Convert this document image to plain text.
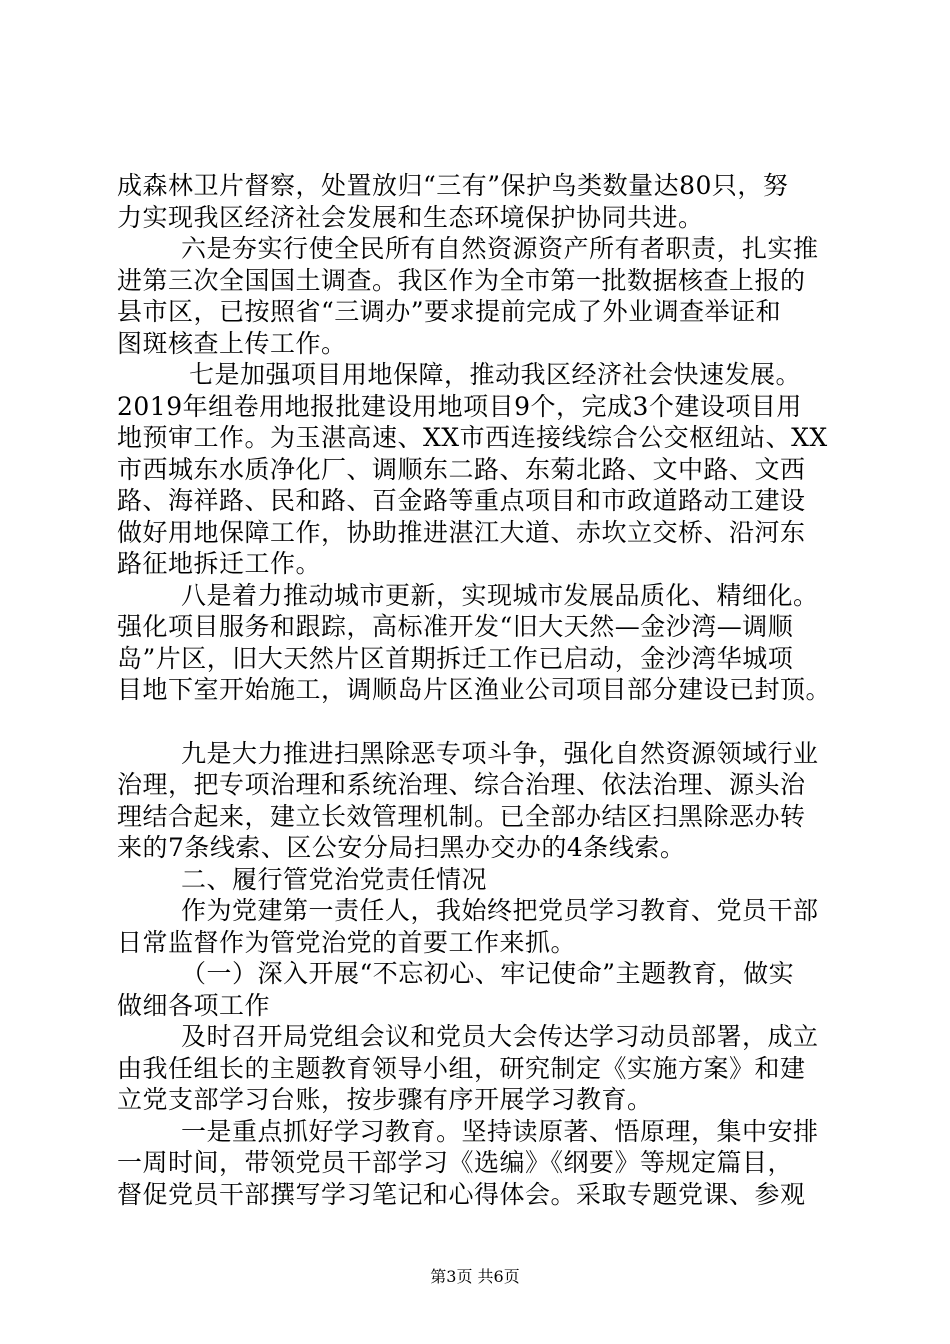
成森林卫片督察，处置放归“三有”保护鸟类数量达80只，努
力实现我区经济社会发展和生态环境保护协同共进。
六是夯实行使全民所有自然资源资产所有者职责，扎实推
进第三次全国国土调查。我区作为全市第一批数据核查上报的
县市区，已按照省“三调办”要求提前完成了外业调查举证和
图斑核查上传工作。
七是加强项目用地保障，推动我区经济社会快速发展。
2019年组卷用地报批建设用地项目9个，完成3个建设项目用
地预审工作。为玉湛高速、XX市西连接线综合公交枢纽站、XX
市西城东水质净化厂、调顺东二路、东菊北路、文中路、文西
路、海祥路、民和路、百金路等重点项目和市政道路动工建设
做好用地保障工作，协助推进湛江大道、赤坎立交桥、沿河东
路征地拆迁工作。
八是着力推动城市更新，实现城市发展品质化、精细化。
强化项目服务和跟踪，高标准开发“旧大天然—金沙湾—调顺
岛”片区，旧大天然片区首期拆迁工作已启动，金沙湾华城项
目地下室开始施工，调顺岛片区渔业公司项目部分建设已封顶。
九是大力推进扫黑除恶专项斗争，强化自然资源领域行业
治理，把专项治理和系统治理、综合治理、依法治理、源头治
理结合起来，建立长效管理机制。已全部办结区扫黑除恶办转
来的7条线索、区公安分局扫黑办交办的4条线索。
二、履行管党治党责任情况
作为党建第一责任人，我始终把党员学习教育、党员干部
日常监督作为管党治党的首要工作来抓。
（一）深入开展“不忘初心、牢记使命”主题教育，做实
做细各项工作
及时召开局党组会议和党员大会传达学习动员部署，成立
由我任组长的主题教育领导小组，研究制定《实施方案》和建
立党支部学习台账，按步骤有序开展学习教育。
一是重点抓好学习教育。坚持读原著、悟原理，集中安排
一周时间，带领党员干部学习《选编》《纲要》等规定篇目，
督促党员干部撰写学习笔记和心得体会。采取专题党课、参观
第3页 共6页
